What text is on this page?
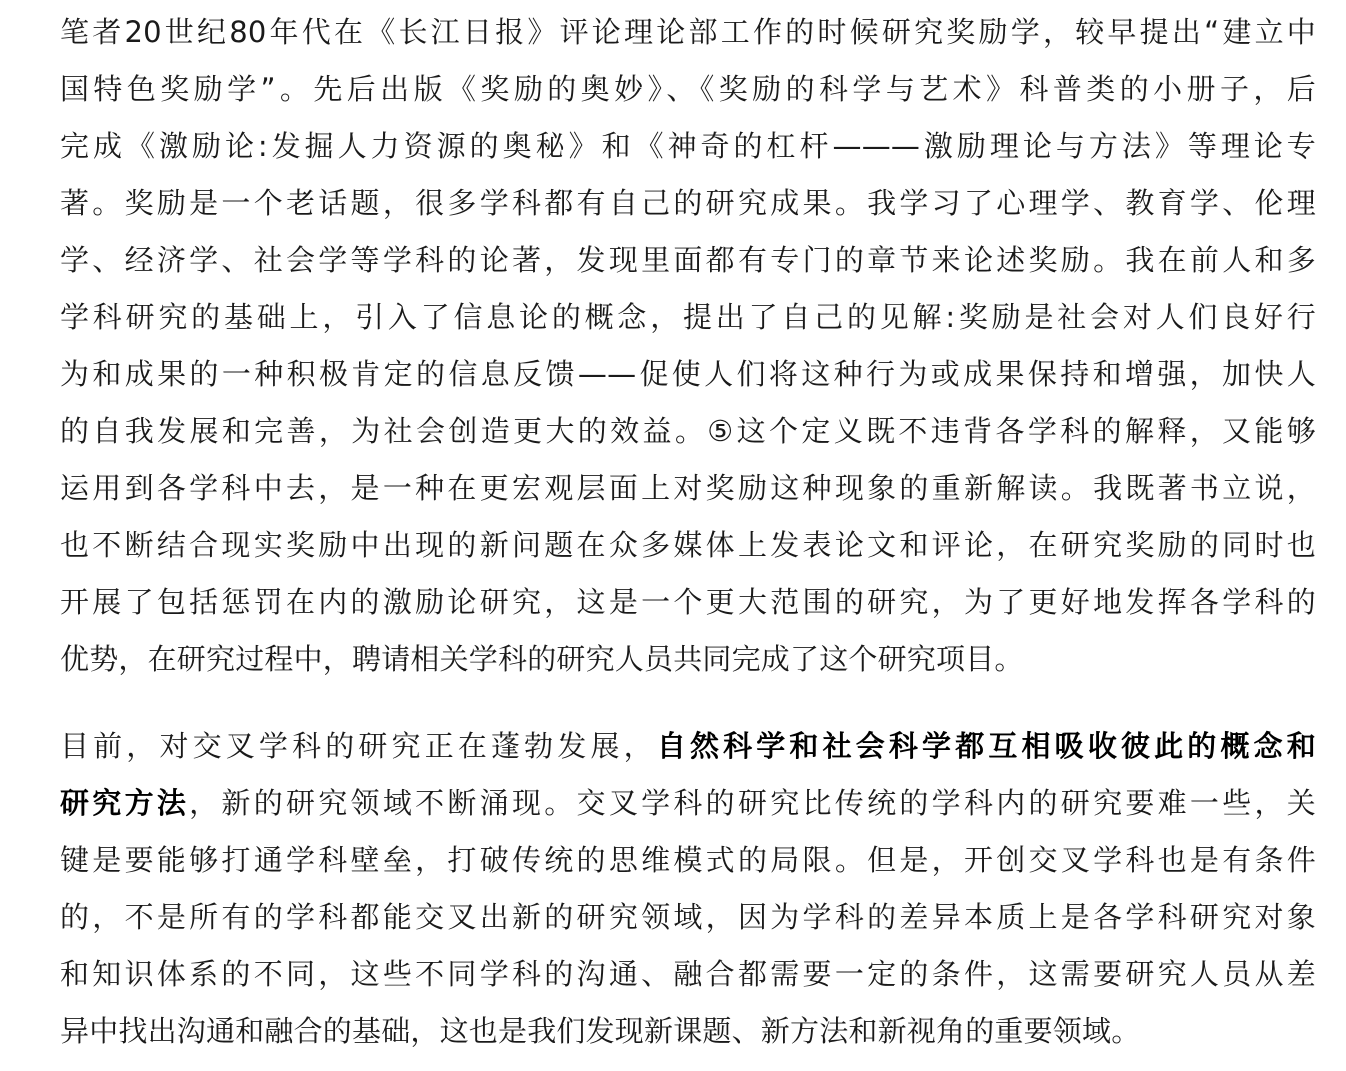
笔者20世纪80年代在《长江日报》评论理论部工作的时候研究奖励学，较早提出“建立中
国特色奖励学”。先后出版《奖励的奥妙》、《奖励的科学与艺术》科普类的小册子，后
完成《激励论:发掘人力资源的奥秘》和《神奇的杠杆———激励理论与方法》等理论专
著。奖励是一个老话题，很多学科都有自己的研究成果。我学习了心理学、教育学、伦理
学、经济学、社会学等学科的论著，发现里面都有专门的章节来论述奖励。我在前人和多
学科研究的基础上，引入了信息论的概念，提出了自己的见解:奖励是社会对人们良好行
为和成果的一种积极肯定的信息反馈——促使人们将这种行为或成果保持和增强，加快人
的自我发展和完善，为社会创造更大的效益。⑤这个定义既不违背各学科的解释，又能够
运用到各学科中去，是一种在更宏观层面上对奖励这种现象的重新解读。我既著书立说，
也不断结合现实奖励中出现的新问题在众多媒体上发表论文和评论，在研究奖励的同时也
开展了包括惩罚在内的激励论研究，这是一个更大范围的研究，为了更好地发挥各学科的
优势，在研究过程中，聘请相关学科的研究人员共同完成了这个研究项目。
目前，对交叉学科的研究正在蓬勃发展，自然科学和社会科学都互相吸收彼此的概念和
研究方法，新的研究领域不断涌现。交叉学科的研究比传统的学科内的研究要难一些，关
键是要能够打通学科壁垒，打破传统的思维模式的局限。但是，开创交叉学科也是有条件
的，不是所有的学科都能交叉出新的研究领域，因为学科的差异本质上是各学科研究对象
和知识体系的不同，这些不同学科的沟通、融合都需要一定的条件，这需要研究人员从差
异中找出沟通和融合的基础，这也是我们发现新课题、新方法和新视角的重要领域。
